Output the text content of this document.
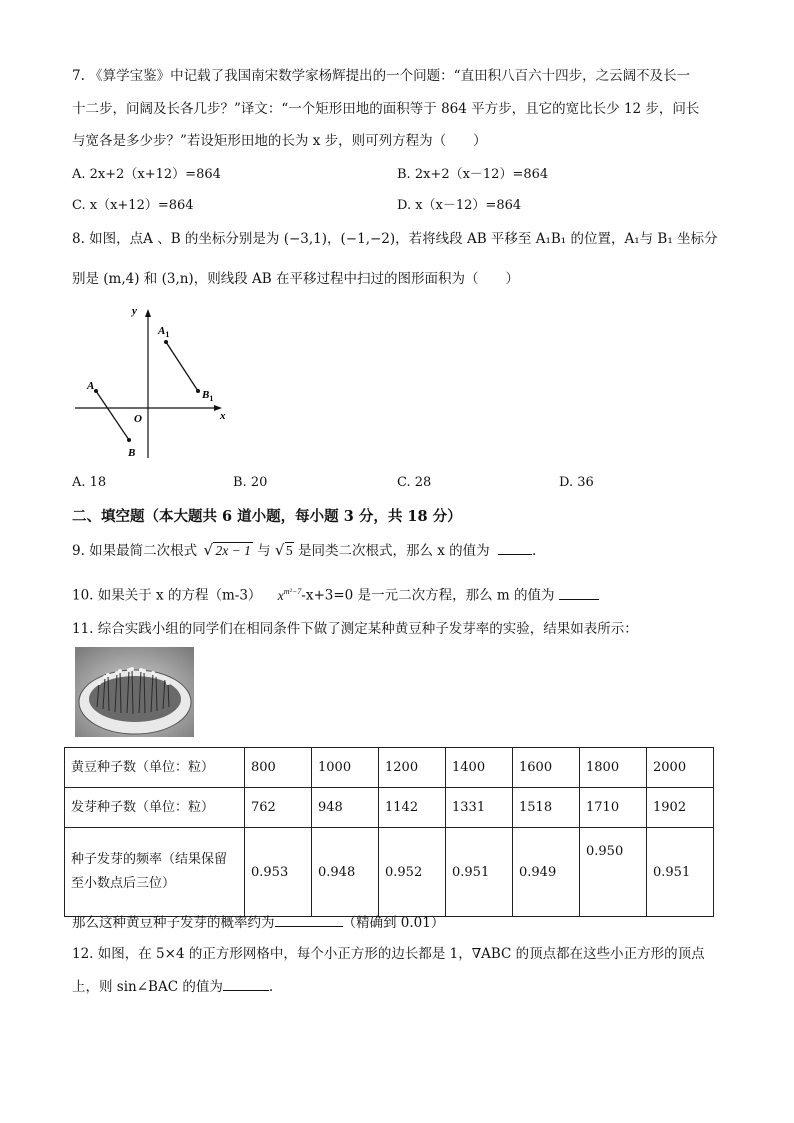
7. 《算学宝鉴》中记载了我国南宋数学家杨辉提出的一个问题：“直田积八百六十四步，之云阔不及长一
十二步，问阔及长各几步？”译文：“一个矩形田地的面积等于 864 平方步，且它的宽比长少 12 步，问长
与宽各是多少步？”若设矩形田地的长为 x 步，则可列方程为（　　）
A. 2x+2（x+12）=864	B. 2x+2（x－12）=864
C. x（x+12）=864	D. x（x－12）=864
8. 如图，点A 、B 的坐标分别是为 (−3,1)，(−1,−2)，若将线段 AB 平移至 A₁B₁ 的位置，A₁与 B₁ 坐标分
别是 (m,4) 和 (3,n)，则线段 AB 在平移过程中扫过的图形面积为（　　）
x
y
O
A
B
$A_1$
$B_1$
A. 18	B. 20	C. 28	D. 36
二、填空题（本大题共 6 道小题，每小题 3 分，共 18 分）
9. 如果最简二次根式 √ 2x − 1 与 √ 5 是同类二次根式，那么 x 的值为	.
10. 如果关于 x 的方程（m-3） $x^{m^2-7}-x+3=0$ 是一元二次方程，那么 m 的值为
11. 综合实践小组的同学们在相同条件下做了测定某种黄豆种子发芽率的实验，结果如表所示：
黄豆种子数（单位：粒）	800	1000	1200	1400	1600	1800	2000
发芽种子数（单位：粒）	762	948	1142	1331	1518	1710	1902
种子发芽的频率（结果保留至小数点后三位）	0.953	0.948	0.952	0.951	0.949	0.950	0.951
那么这种黄豆种子发芽的概率约为	（精确到 0.01）
12. 如图，在 5×4 的正方形网格中，每个小正方形的边长都是 1，∇ABC 的顶点都在这些小正方形的顶点
上，则 sin∠BAC 的值为	.
